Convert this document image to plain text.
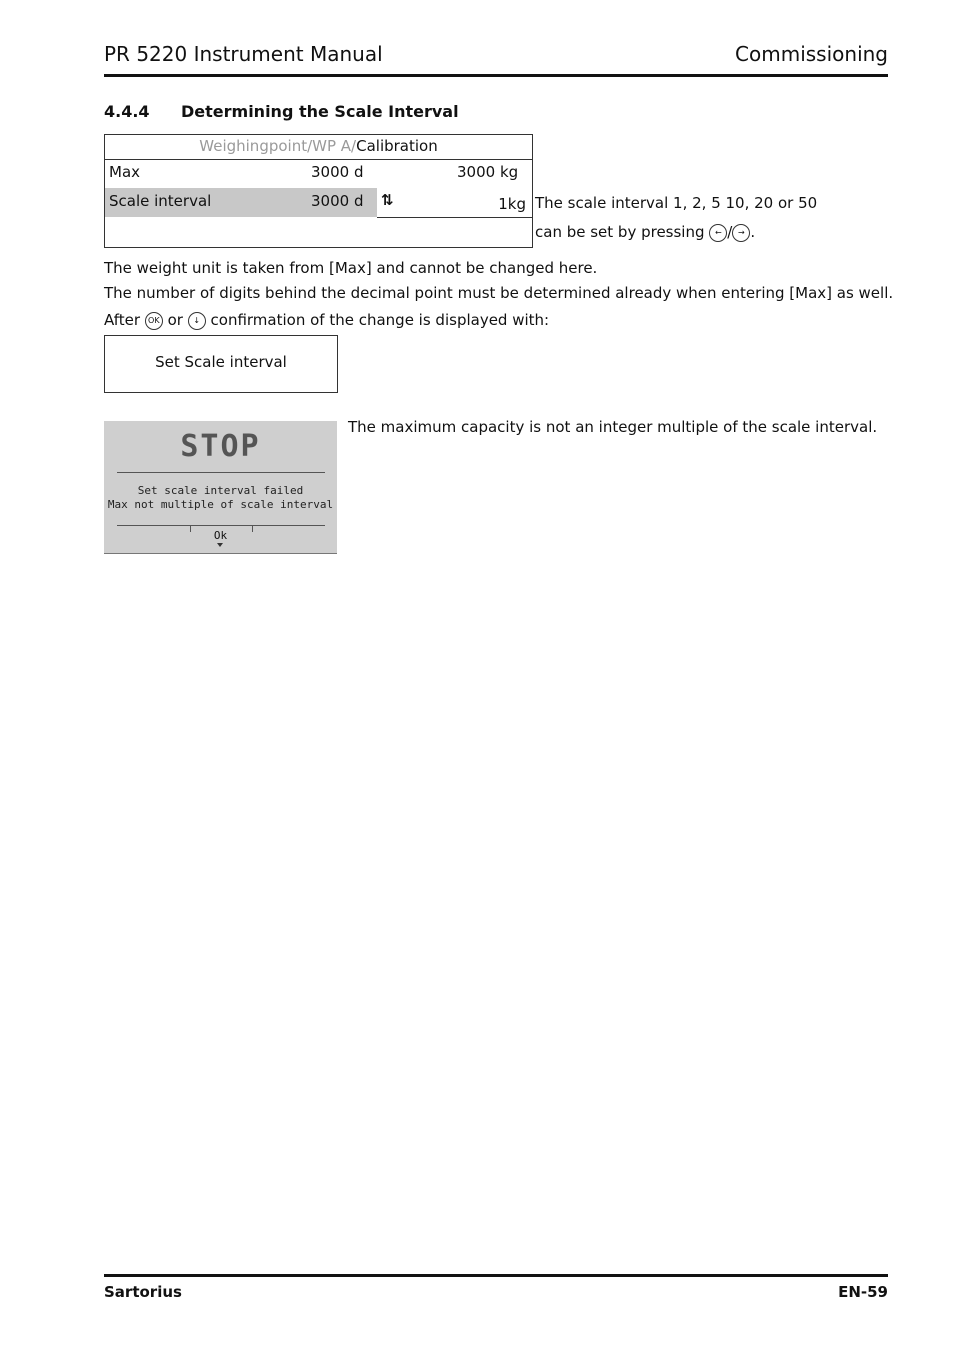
PR 5220 Instrument Manual	Commissioning
4.4.4 Determining the Scale Interval
Weighingpoint/WP A/Calibration
Max	3000 d	3000 kg
Scale interval	3000 d ⇅	1kg The scale interval 1, 2, 5 10, 20 or 50
can be set by pressing ← / → .
The weight unit is taken from [Max] and cannot be changed here.
The number of digits behind the decimal point must be determined already when entering [Max] as well.
After OK or ↓ confirmation of the change is displayed with:
Set Scale interval
STOP
Set scale interval failed
Max not multiple of scale interval
Ok
The maximum capacity is not an integer multiple of the scale interval.
Sartorius	EN-59
